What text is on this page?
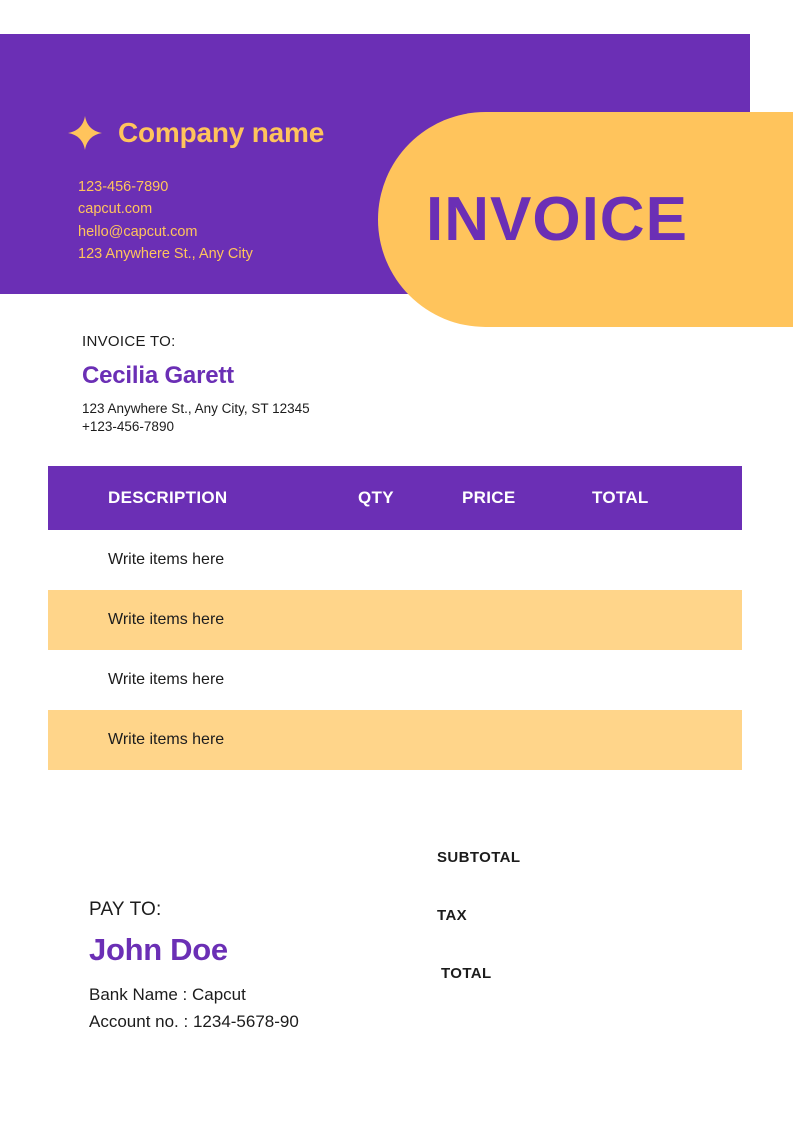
Company name
123-456-7890
capcut.com
hello@capcut.com
123 Anywhere St., Any City
INVOICE
INVOICE TO:
Cecilia Garett
123 Anywhere St., Any City, ST 12345
+123-456-7890
DESCRIPTION	QTY	PRICE	TOTAL
Write items here
Write items here
Write items here
Write items here
SUBTOTAL
TAX
TOTAL
PAY TO:
John Doe
Bank Name : Capcut
Account no. : 1234-5678-90
